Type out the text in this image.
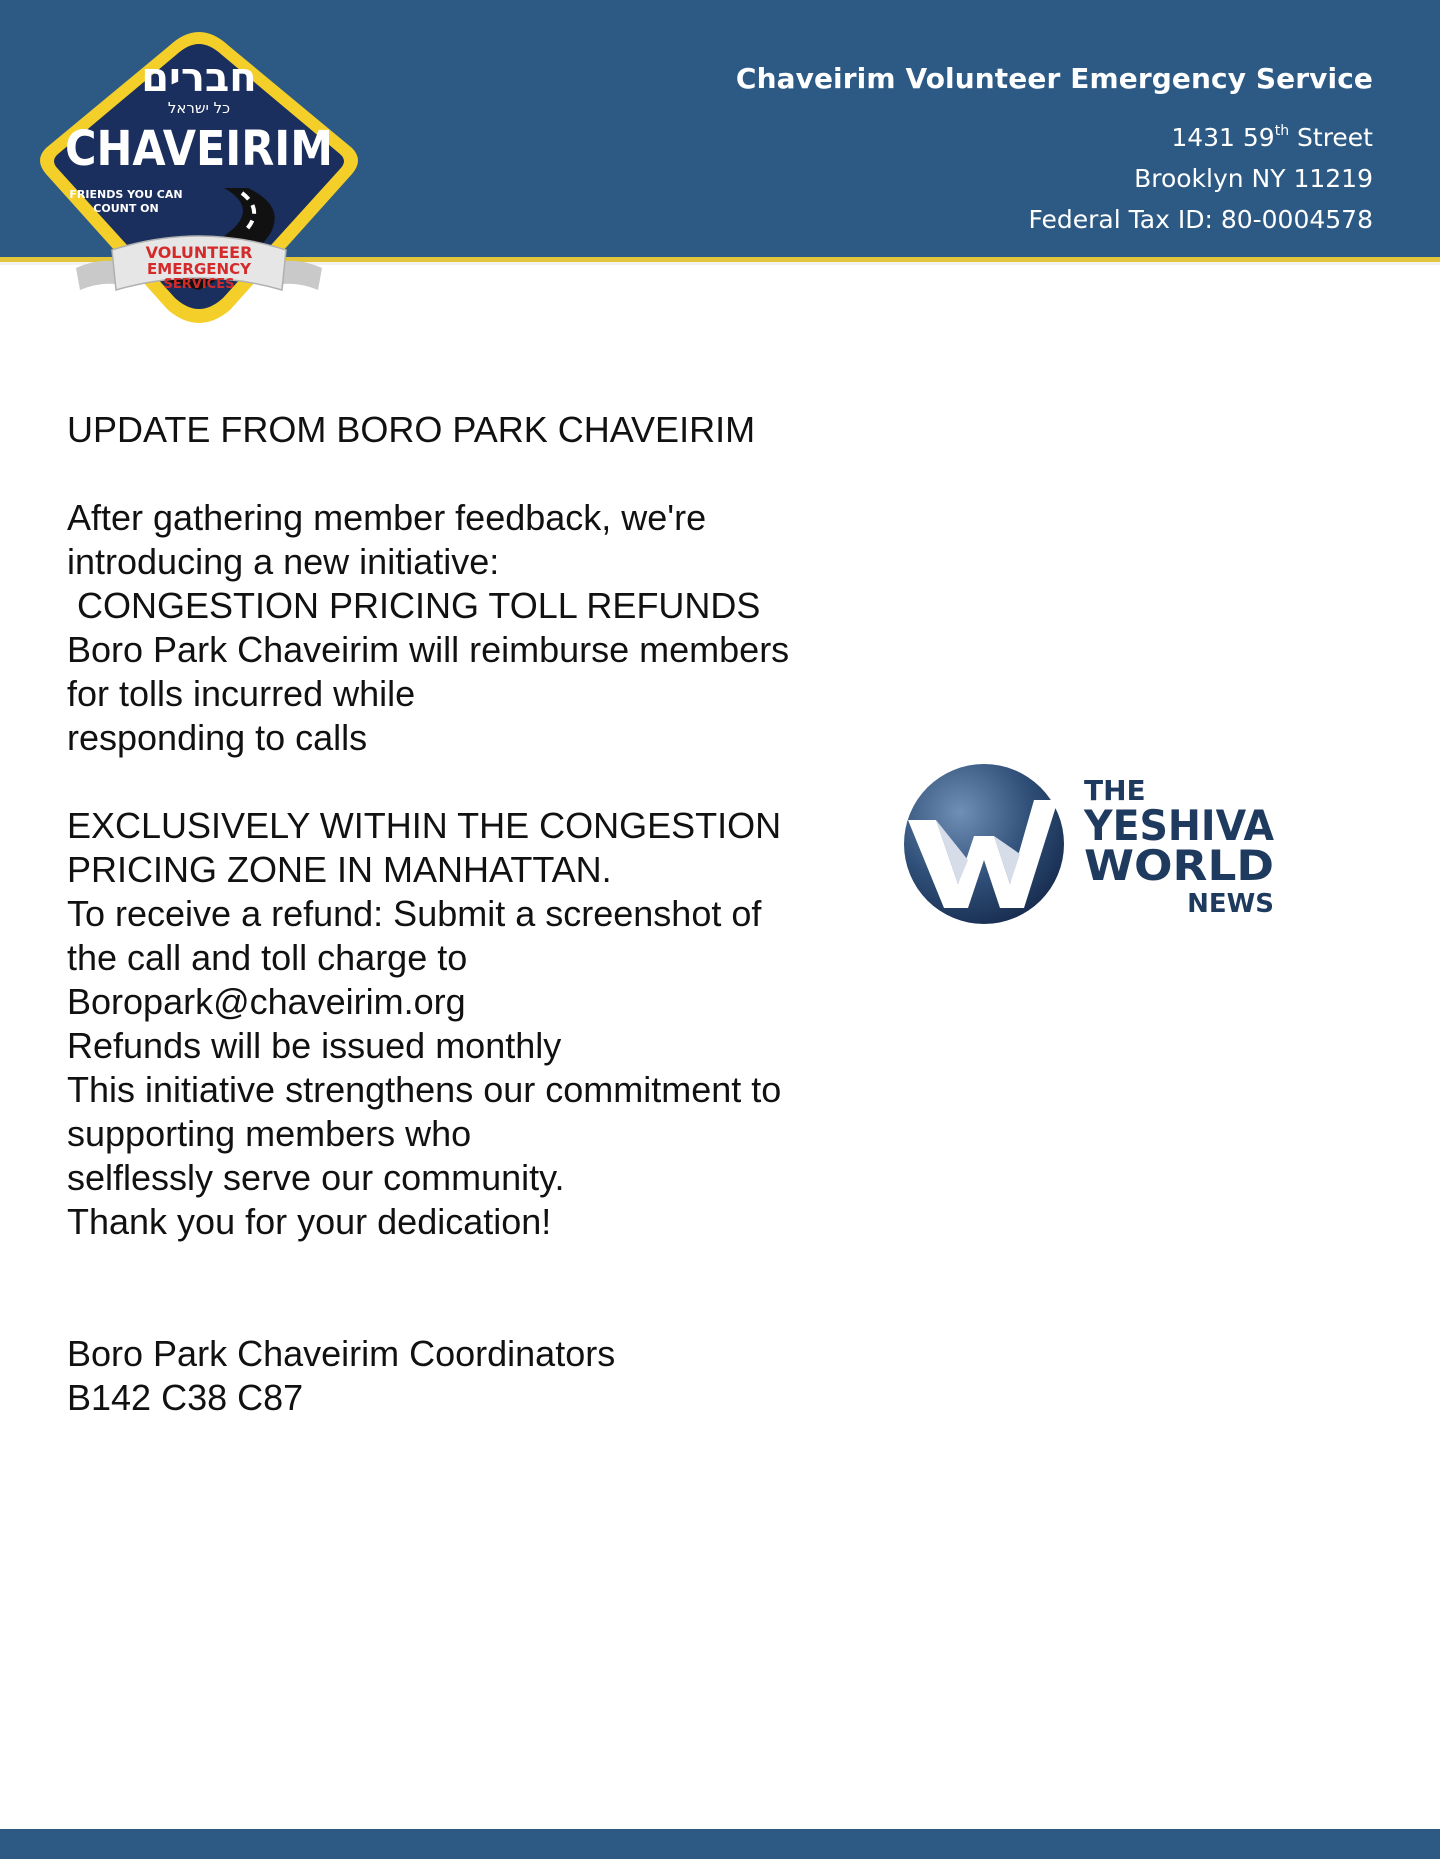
Chaveirim Volunteer Emergency Service
1431 59th Street
Brooklyn NY 11219
Federal Tax ID: 80-0004578
חברים
כל ישראל
CHAVEIRIM
FRIENDS YOU CAN
COUNT ON
VOLUNTEER
EMERGENCY
SERVICES

UPDATE FROM BORO PARK CHAVEIRIM

After gathering member feedback, we're

introducing a new initiative:

CONGESTION PRICING TOLL REFUNDS

Boro Park Chaveirim will reimburse members

for tolls incurred while

responding to calls

EXCLUSIVELY WITHIN THE CONGESTION

PRICING ZONE IN MANHATTAN.

To receive a refund: Submit a screenshot of

the call and toll charge to

Boropark@chaveirim.org

Refunds will be issued monthly

This initiative strengthens our commitment to

supporting members who

selflessly serve our community.

Thank you for your dedication!

Boro Park Chaveirim Coordinators

B142 C38 C87

THE
YESHIVA
WORLD
NEWS
